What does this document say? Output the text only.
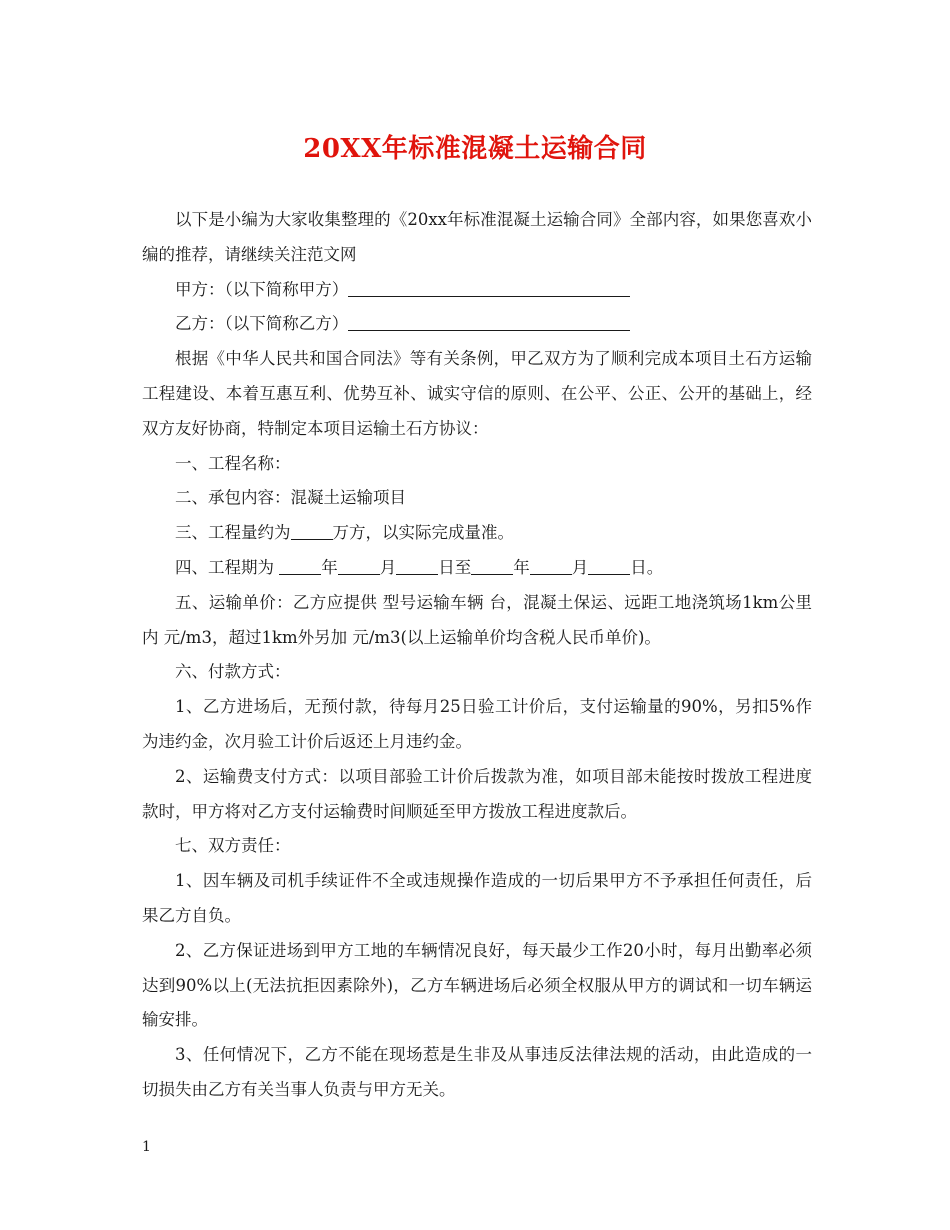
20XX年标准混凝土运输合同

以下是小编为大家收集整理的《20xx年标准混凝土运输合同》全部内容，如果您喜欢小编的推荐，请继续关注范文网

甲方：（以下简称甲方）

乙方：（以下简称乙方）

根据《中华人民共和国合同法》等有关条例，甲乙双方为了顺利完成本项目土石方运输工程建设、本着互惠互利、优势互补、诚实守信的原则、在公平、公正、公开的基础上，经双方友好协商，特制定本项目运输土石方协议：

一、工程名称：

二、承包内容：混凝土运输项目

三、工程量约为	万方，以实际完成量准。

四、工程期为	年	月	日至	年	月	日。

五、运输单价：乙方应提供 型号运输车辆 台，混凝土保运、远距工地浇筑场1km公里内 元/m3，超过1km外另加 元/m3(以上运输单价均含税人民币单价)。

六、付款方式：

1、乙方进场后，无预付款，待每月25日验工计价后，支付运输量的90%，另扣5%作为违约金，次月验工计价后返还上月违约金。

2、运输费支付方式：以项目部验工计价后拨款为准，如项目部未能按时拨放工程进度款时，甲方将对乙方支付运输费时间顺延至甲方拨放工程进度款后。

七、双方责任：

1、因车辆及司机手续证件不全或违规操作造成的一切后果甲方不予承担任何责任，后果乙方自负。

2、乙方保证进场到甲方工地的车辆情况良好，每天最少工作20小时，每月出勤率必须达到90%以上(无法抗拒因素除外)，乙方车辆进场后必须全权服从甲方的调试和一切车辆运输安排。

3、任何情况下，乙方不能在现场惹是生非及从事违反法律法规的活动，由此造成的一切损失由乙方有关当事人负责与甲方无关。

1
